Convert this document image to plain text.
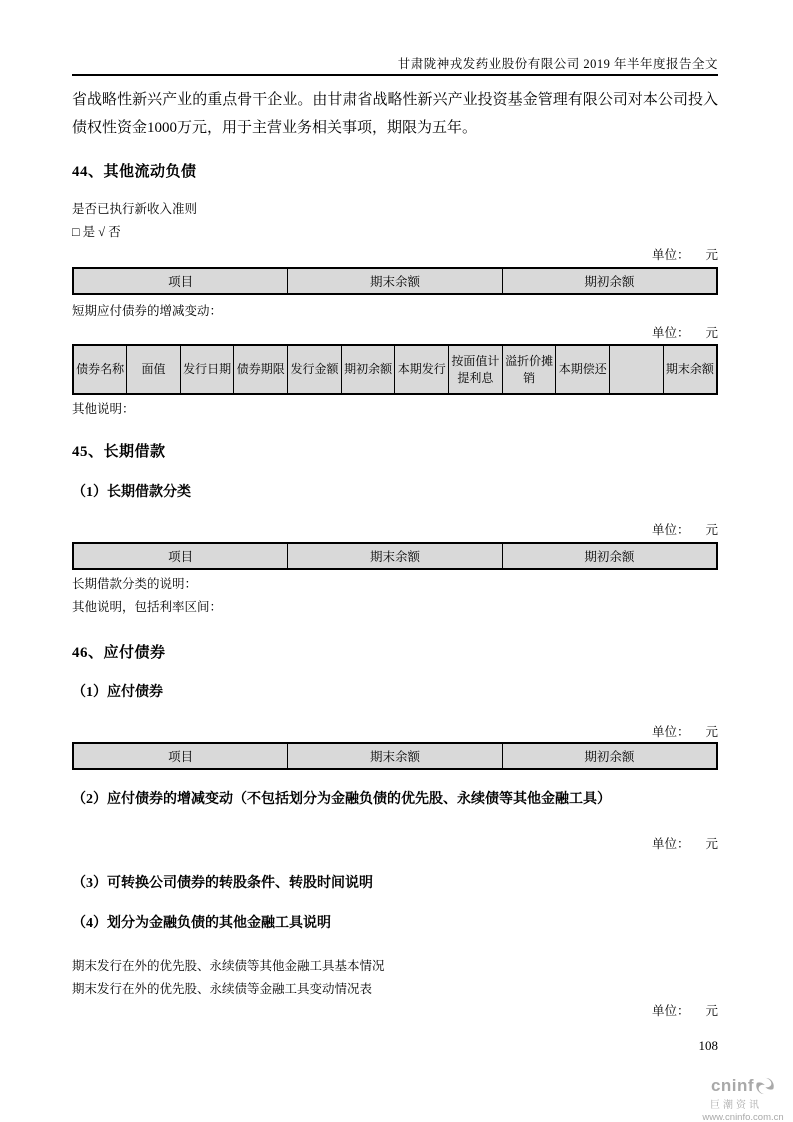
甘肃陇神戎发药业股份有限公司 2019 年半年度报告全文
省战略性新兴产业的重点骨干企业。由甘肃省战略性新兴产业投资基金管理有限公司对本公司投入债权性资金1000万元，用于主营业务相关事项，期限为五年。
44、其他流动负债
是否已执行新收入准则
□ 是 √ 否
单位： 元
项目	期末余额	期初余额
短期应付债券的增减变动：
单位： 元
债券名称	面值	发行日期	债券期限	发行金额	期初余额	本期发行	按面值计提利息	溢折价摊销	本期偿还		期末余额
其他说明：
45、长期借款
（1）长期借款分类
单位： 元
项目	期末余额	期初余额
长期借款分类的说明：
其他说明，包括利率区间：
46、应付债券
（1）应付债券
单位： 元
项目	期末余额	期初余额
（2）应付债券的增减变动（不包括划分为金融负债的优先股、永续债等其他金融工具）
单位： 元
（3）可转换公司债券的转股条件、转股时间说明
（4）划分为金融负债的其他金融工具说明
期末发行在外的优先股、永续债等其他金融工具基本情况
期末发行在外的优先股、永续债等金融工具变动情况表
单位： 元
108
cninf
巨潮资讯
www.cninfo.com.cn
